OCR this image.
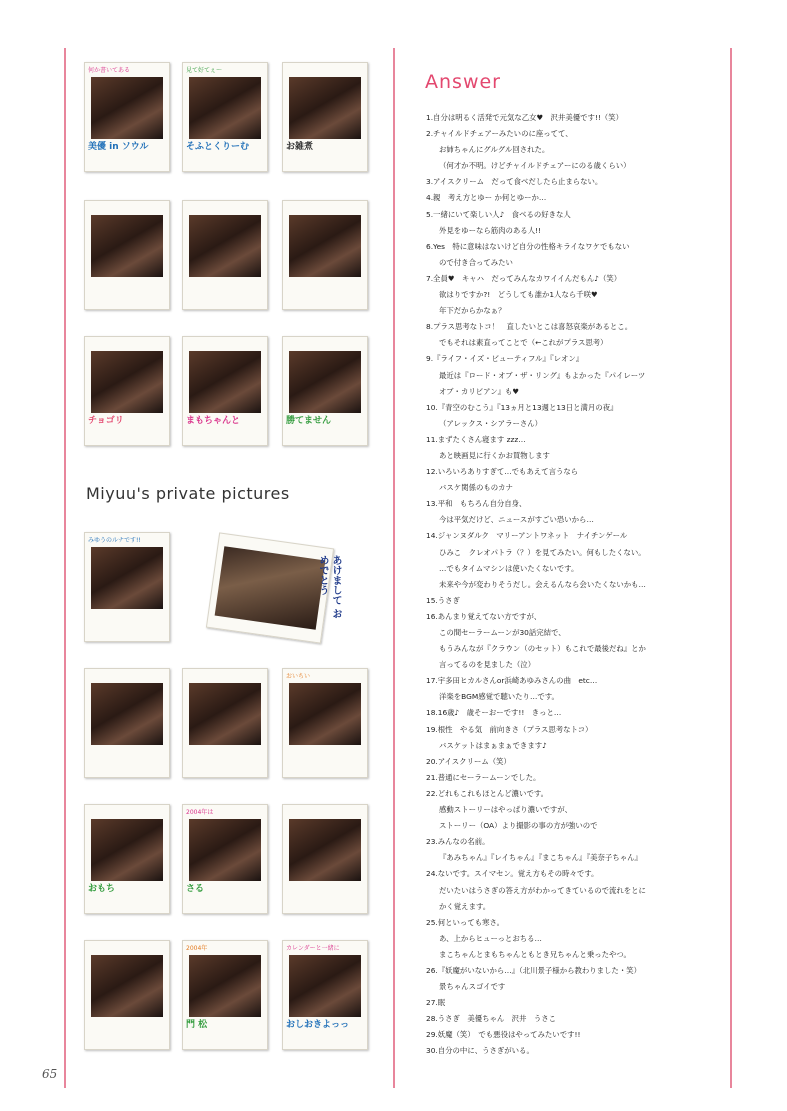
何か書いてある
美優 in ソウル
見て好てぇ〜
そふとくりーむ	お雑煮
チョゴリ	まもちゃんと	勝てません
みゆうのルナです!!
おいちい
おもち
2004年は
さる
2004年
門 松
カレンダーと一緒に
おしおきよっっ
Miyuu's private pictures
あけまして おめでとう
Answer
1.自分は明るく活発で元気な乙女♥　沢井美優です!!（笑）
2.チャイルドチェアーみたいのに座ってて、
お姉ちゃんにグルグル回された。
（何才か不明。けどチャイルドチェアーにのる歳くらい）
3.アイスクリーム　だって食べだしたら止まらない。
4.親　考え方とゆー か何とゆーか…
5.一緒にいて楽しい人♪　食べるの好きな人
外見をゆーなら筋肉のある人!!
6.Yes　特に意味はないけど自分の性格キライなワケでもない
ので付き合ってみたい
7.全員♥　キャハ　だってみんなカワイイんだもん♪（笑）
欲はりですか?!　どうしても誰か1人なら千咲♥
年下だからかなぁ？
8.プラス思考なトコ！　直したいとこは喜怒哀楽があるとこ。
でもそれは素直ってことで（←これがプラス思考）
9.『ライフ・イズ・ビューティフル』『レオン』
最近は『ロード・オブ・ザ・リング』もよかった『パイレーツ
オブ・カリビアン』も♥
10.『青空のむこう』『13ヵ月と13週と13日と満月の夜』
（アレックス・シアラーさん）
11.まずたくさん寝ます zzz…
あと映画見に行くかお買物します
12.いろいろありすぎて…でもあえて言うなら
バスケ関係のものカナ
13.平和　もちろん自分自身、
今は平気だけど、ニュースがすごい恐いから…
14.ジャンヌダルク　マリーアントワネット　ナイチンゲール
ひみこ　クレオパトラ（？）を見てみたい。何もしたくない。
…でもタイムマシンは使いたくないです。
未来や今が変わりそうだし。会えるんなら会いたくないかも…
15.うさぎ
16.あんまり覚えてない方ですが、
この間セーラームーンが30話完結で、
もうみんなが『クラウン（のセット）もこれで最後だね』とか
言ってるのを見ました（泣）
17.宇多田ヒカルさんor浜崎あゆみさんの曲　etc…
洋楽をBGM感覚で聴いたり…です。
18.16歳♪　歳そーおーです!!　きっと…
19.根性　やる気　前向きさ（プラス思考なトコ）
バスケットはまぁまぁできます♪
20.アイスクリーム（笑）
21.普通にセーラームーンでした。
22.どれもこれもほとんど濃いです。
感動ストーリーはやっぱり濃いですが、
ストーリー（OA）より撮影の事の方が強いので
23.みんなの名前。
『あみちゃん』『レイちゃん』『まこちゃん』『美奈子ちゃん』
24.ないです。スイマセン。覚え方もその時々です。
だいたいはうさぎの答え方がわかってきているので流れをとに
かく覚えます。
25.何といっても寒さ。
あ、上からヒューっとおちる…
まこちゃんとまもちゃんともとき兄ちゃんと乗ったやつ。
26.『妖魔がいないから…』（北川景子様から教わりました・笑）
景ちゃんスゴイです
27.眠
28.うさぎ　美優ちゃん　沢井　うさこ
29.妖魔（笑）　でも悪役はやってみたいです!!
30.自分の中に、うさぎがいる。
65
